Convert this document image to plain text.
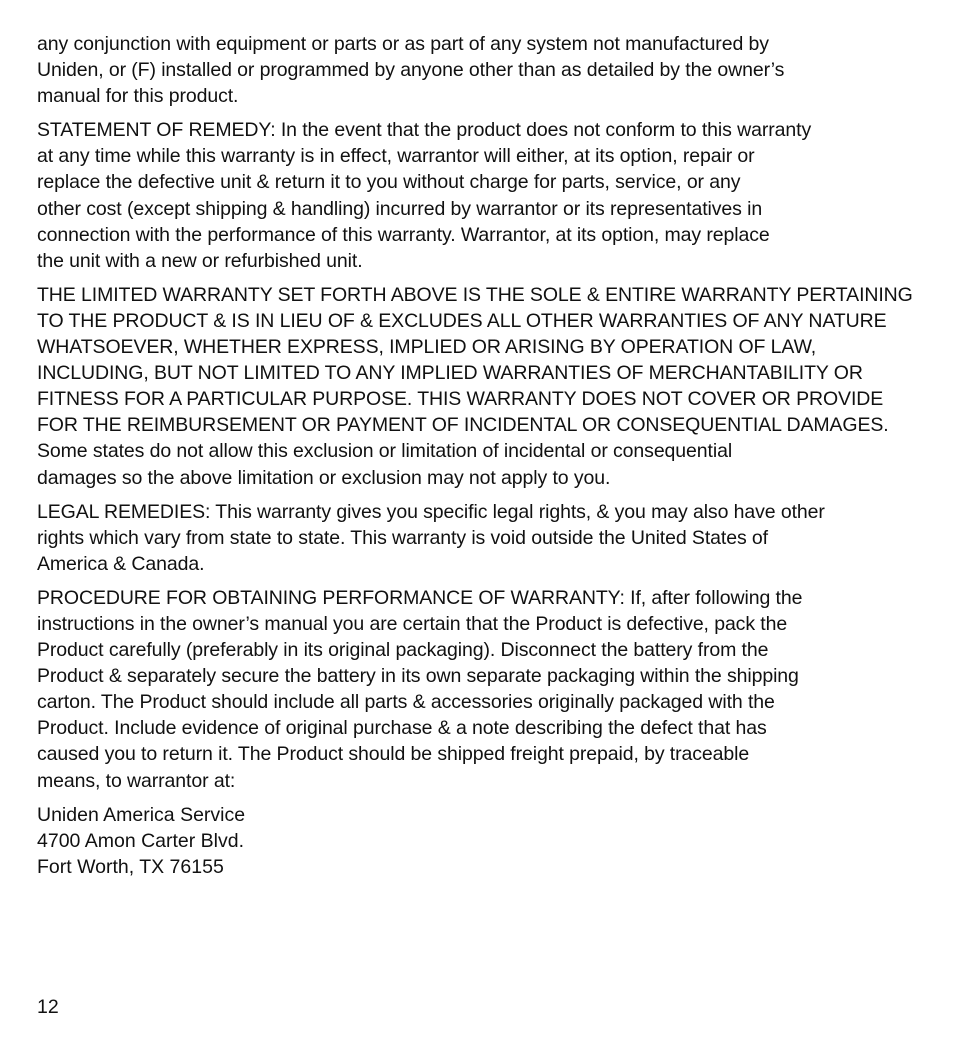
any conjunction with equipment or parts or as part of any system not manufactured by
Uniden, or (F) installed or programmed by anyone other than as detailed by the owner’s
manual for this product.

STATEMENT OF REMEDY: In the event that the product does not conform to this warranty
at any time while this warranty is in effect, warrantor will either, at its option, repair or
replace the defective unit & return it to you without charge for parts, service, or any
other cost (except shipping & handling) incurred by warrantor or its representatives in
connection with the performance of this warranty. Warrantor, at its option, may replace
the unit with a new or refurbished unit.

THE LIMITED WARRANTY SET FORTH ABOVE IS THE SOLE & ENTIRE WARRANTY PERTAINING
TO THE PRODUCT & IS IN LIEU OF & EXCLUDES ALL OTHER WARRANTIES OF ANY NATURE
WHATSOEVER, WHETHER EXPRESS, IMPLIED OR ARISING BY OPERATION OF LAW,
INCLUDING, BUT NOT LIMITED TO ANY IMPLIED WARRANTIES OF MERCHANTABILITY OR
FITNESS FOR A PARTICULAR PURPOSE. THIS WARRANTY DOES NOT COVER OR PROVIDE
FOR THE REIMBURSEMENT OR PAYMENT OF INCIDENTAL OR CONSEQUENTIAL DAMAGES.
Some states do not allow this exclusion or limitation of incidental or consequential
damages so the above limitation or exclusion may not apply to you.

LEGAL REMEDIES: This warranty gives you specific legal rights, & you may also have other
rights which vary from state to state. This warranty is void outside the United States of
America & Canada.

PROCEDURE FOR OBTAINING PERFORMANCE OF WARRANTY: If, after following the
instructions in the owner’s manual you are certain that the Product is defective, pack the
Product carefully (preferably in its original packaging). Disconnect the battery from the
Product & separately secure the battery in its own separate packaging within the shipping
carton. The Product should include all parts & accessories originally packaged with the
Product. Include evidence of original purchase & a note describing the defect that has
caused you to return it. The Product should be shipped freight prepaid, by traceable
means, to warrantor at:

Uniden America Service
4700 Amon Carter Blvd.
Fort Worth, TX 76155

12
